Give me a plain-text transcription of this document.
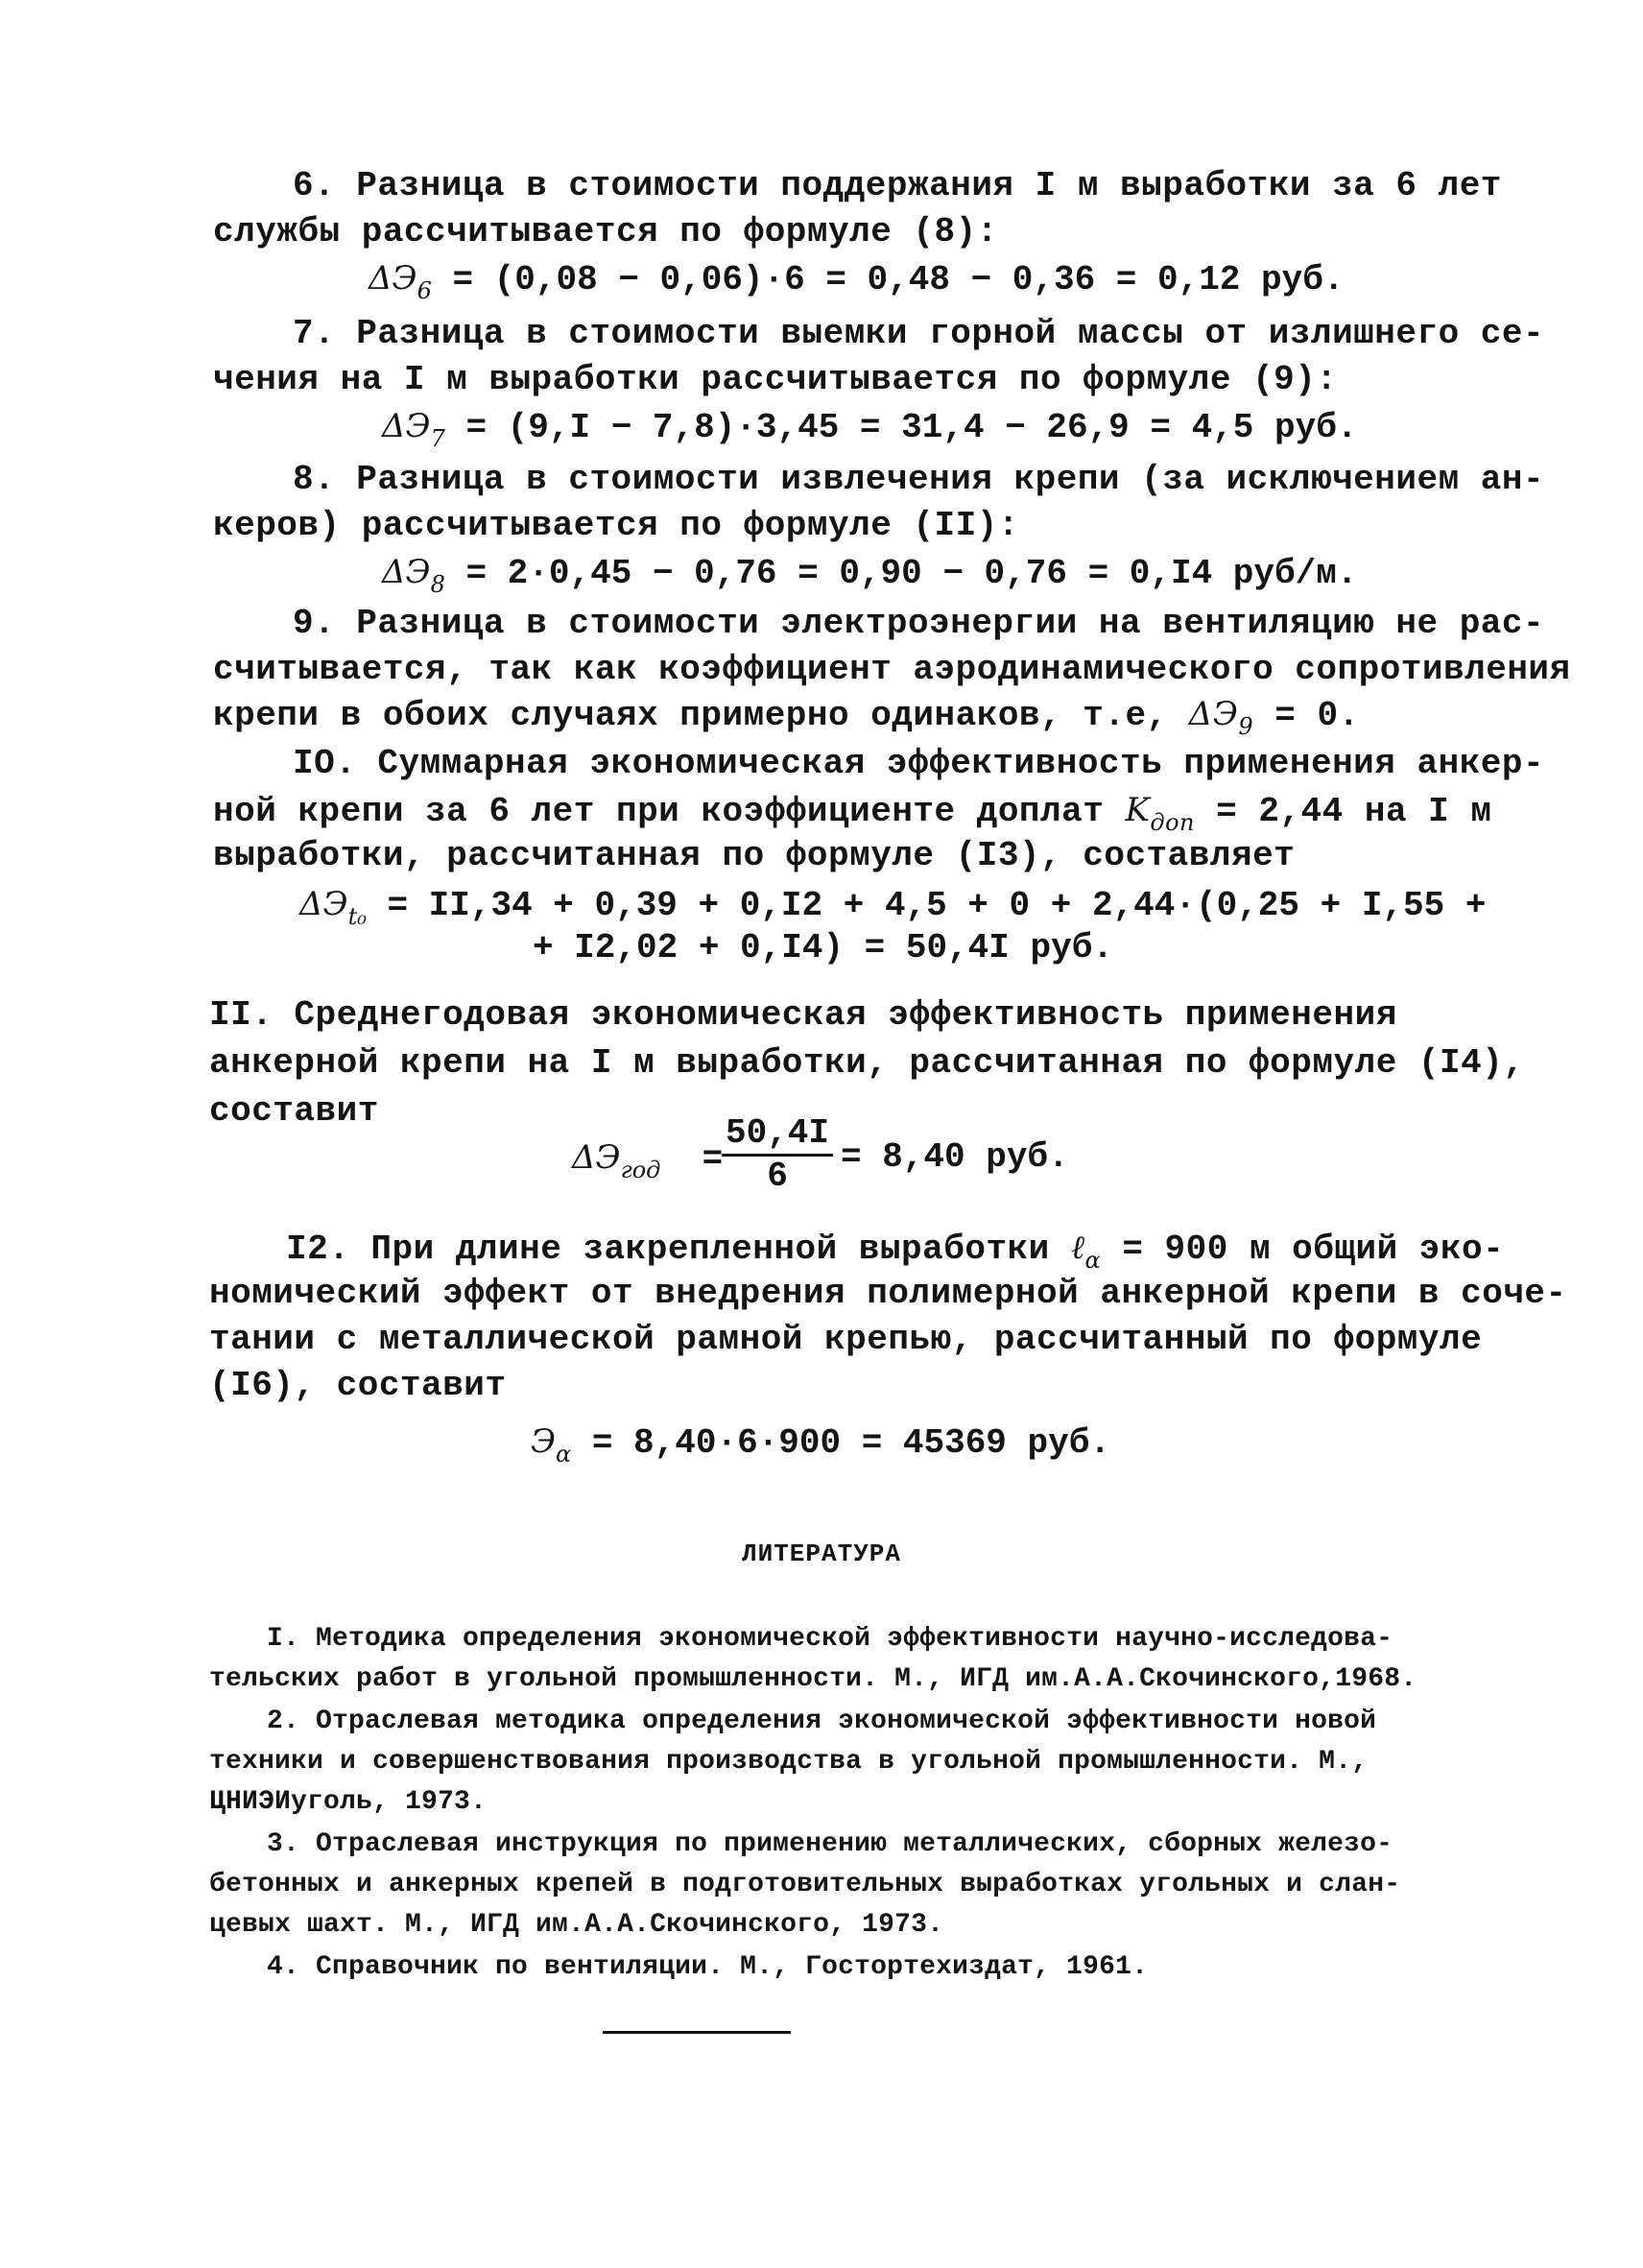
6. Разница в стоимости поддержания I м выработки за 6 лет
службы рассчитывается по формуле (8):
$\Delta Э_6 = (0,08 - 0,06)\cdot 6 = 0,48 - 0,36 = 0,12$ руб.
7. Разница в стоимости выемки горной массы от излишнего се-
чения на I м выработки рассчитывается по формуле (9):
$\Delta Э_7 = (9,I - 7,8)\cdot 3,45 = 31,4 - 26,9 = 4,5$ руб.
8. Разница в стоимости извлечения крепи (за исключением ан-
керов) рассчитывается по формуле (II):
$\Delta Э_8 = 2\cdot 0,45 - 0,76 = 0,90 - 0,76 = 0,I4$ руб/м.
9. Разница в стоимости электроэнергии на вентиляцию не рас-
считывается, так как коэффициент аэродинамического сопротивления
крепи в обоих случаях примерно одинаков, т.е, $\Delta Э_9 = 0$.
IO. Суммарная экономическая эффективность применения анкер-
ной крепи за 6 лет при коэффициенте доплат $K_{доп} = 2,44$ на I м
выработки, рассчитанная по формуле (I3), составляет
$\Delta Э_{t_0} = II,34 + 0,39 + 0,I2 + 4,5 + 0 + 2,44\cdot(0,25 + I,55$ +
+ I2,02 + 0,I4) = 50,4I руб.
II. Среднегодовая экономическая эффективность применения
анкерной крепи на I м выработки, рассчитанная по формуле (I4),
составит
$\Delta Э_{год}$  =
$\frac{50,4I}{6} = 8,40$ руб.
I2. При длине закрепленной выработки ℓ$_\alpha$ = 900 м общий эко-
номический эффект от внедрения полимерной анкерной крепи в соче-
тании с металлической рамной крепью, рассчитанный по формуле
(I6), составит
$Э_\alpha = 8,40\cdot 6\cdot 900 = 45369$ руб.
ЛИТЕРАТУРА
I. Методика определения экономической эффективности научно-исследова-
тельских работ в угольной промышленности. М., ИГД им.А.А.Скочинского,1968.
2. Отраслевая методика определения экономической эффективности новой
техники и совершенствования производства в угольной промышленности. М.,
ЦНИЭИуголь, 1973.
3. Отраслевая инструкция по применению металлических, сборных железо-
бетонных и анкерных крепей в подготовительных выработках угольных и слан-
цевых шахт. М., ИГД им.А.А.Скочинского, 1973.
4. Справочник по вентиляции. М., Гостортехиздат, 1961.
